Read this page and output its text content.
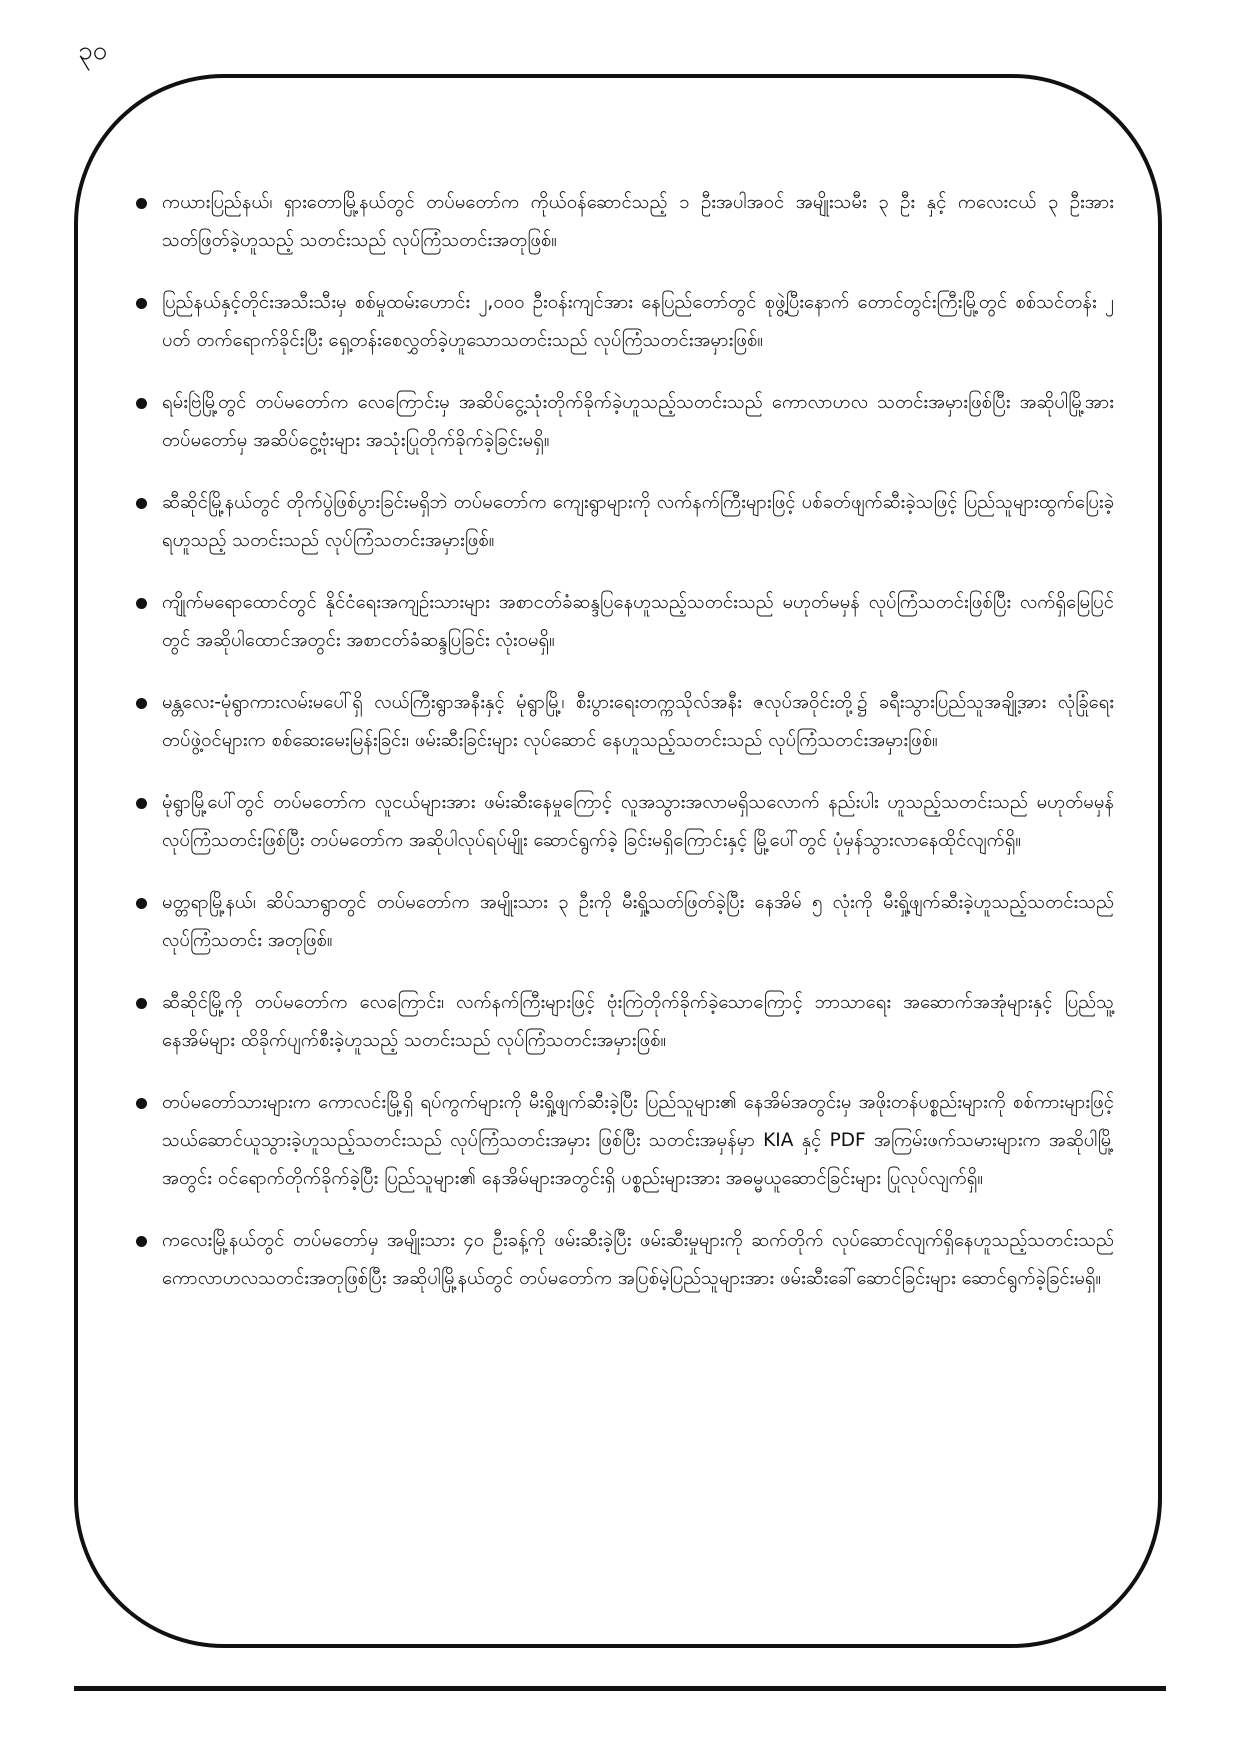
၃၀
ကယားပြည်နယ်၊ ရှားတောမြို့နယ်တွင် တပ်မတော်က ကိုယ်ဝန်ဆောင်သည့် ၁ ဦးအပါအဝင် အမျိုးသမီး ၃ ဦး နှင့် ကလေးငယ် ၃ ဦးအား သတ်ဖြတ်ခဲ့ဟူသည့် သတင်းသည် လုပ်ကြံသတင်းအတုဖြစ်။
ပြည်နယ်နှင့်တိုင်းအသီးသီးမှ စစ်မှုထမ်းဟောင်း ၂,၀၀၀ ဦးဝန်းကျင်အား နေပြည်တော်တွင် စုဖွဲ့ပြီးနောက် တောင်တွင်းကြီးမြို့တွင် စစ်သင်တန်း ၂ ပတ် တက်ရောက်ခိုင်းပြီး ရှေ့တန်းစေလွှတ်ခဲ့ဟူသောသတင်းသည် လုပ်ကြံသတင်းအမှားဖြစ်။
ရမ်းဗြဲမြို့တွင် တပ်မတော်က လေကြောင်းမှ အဆိပ်ငွေ့သုံးတိုက်ခိုက်ခဲ့ဟူသည့်သတင်းသည် ကောလာဟလ သတင်းအမှားဖြစ်ပြီး အဆိုပါမြို့အား တပ်မတော်မှ အဆိပ်ငွေ့ဗုံးများ အသုံးပြုတိုက်ခိုက်ခဲ့ခြင်းမရှိ။
ဆီဆိုင်မြို့နယ်တွင် တိုက်ပွဲဖြစ်ပွားခြင်းမရှိဘဲ တပ်မတော်က ကျေးရွာများကို လက်နက်ကြီးများဖြင့် ပစ်ခတ်ဖျက်ဆီးခဲ့သဖြင့် ပြည်သူများထွက်ပြေးခဲ့ရဟူသည့် သတင်းသည် လုပ်ကြံသတင်းအမှားဖြစ်။
ကျိုက်မရောထောင်တွင် နိုင်ငံရေးအကျဉ်းသားများ အစာငတ်ခံဆန္ဒပြနေဟူသည့်သတင်းသည် မဟုတ်မမှန် လုပ်ကြံသတင်းဖြစ်ပြီး လက်ရှိမြေပြင်တွင် အဆိုပါထောင်အတွင်း အစာငတ်ခံဆန္ဒပြခြင်း လုံးဝမရှိ။
မန္တလေး-မုံရွာကားလမ်းမပေါ်ရှိ လယ်ကြီးရွာအနီးနှင့် မုံရွာမြို့၊ စီးပွားရေးတက္ကသိုလ်အနီး ဇလုပ်အဝိုင်းတို့၌ ခရီးသွားပြည်သူအချို့အား လုံခြုံရေးတပ်ဖွဲ့ဝင်များက စစ်ဆေးမေးမြန်းခြင်း၊ ဖမ်းဆီးခြင်းများ လုပ်ဆောင် နေဟူသည့်သတင်းသည် လုပ်ကြံသတင်းအမှားဖြစ်။
မုံရွာမြို့ပေါ်တွင် တပ်မတော်က လူငယ်များအား ဖမ်းဆီးနေမှုကြောင့် လူအသွားအလာမရှိသလောက် နည်းပါး ဟူသည့်သတင်းသည် မဟုတ်မမှန်လုပ်ကြံသတင်းဖြစ်ပြီး တပ်မတော်က အဆိုပါလုပ်ရပ်မျိုး ဆောင်ရွက်ခဲ့ ခြင်းမရှိကြောင်းနှင့် မြို့ပေါ်တွင် ပုံမှန်သွားလာနေထိုင်လျက်ရှိ။
မတ္တရာမြို့နယ်၊ ဆိပ်သာရွာတွင် တပ်မတော်က အမျိုးသား ၃ ဦးကို မီးရှို့သတ်ဖြတ်ခဲ့ပြီး နေအိမ် ၅ လုံးကို မီးရှို့ဖျက်ဆီးခဲ့ဟူသည့်သတင်းသည် လုပ်ကြံသတင်း အတုဖြစ်။
ဆီဆိုင်မြို့ကို တပ်မတော်က လေကြောင်း၊ လက်နက်ကြီးများဖြင့် ဗုံးကြဲတိုက်ခိုက်ခဲ့သောကြောင့် ဘာသာရေး အဆောက်အအုံများနှင့် ပြည်သူ့နေအိမ်များ ထိခိုက်ပျက်စီးခဲ့ဟူသည့် သတင်းသည် လုပ်ကြံသတင်းအမှားဖြစ်။
တပ်မတော်သားများက ကောလင်းမြို့ရှိ ရပ်ကွက်များကို မီးရှို့ဖျက်ဆီးခဲ့ပြီး ပြည်သူများ၏ နေအိမ်အတွင်းမှ အဖိုးတန်ပစ္စည်းများကို စစ်ကားများဖြင့် သယ်ဆောင်ယူသွားခဲ့ဟူသည့်သတင်းသည် လုပ်ကြံသတင်းအမှား ဖြစ်ပြီး သတင်းအမှန်မှာ KIA နှင့် PDF အကြမ်းဖက်သမားများက အဆိုပါမြို့အတွင်း ဝင်ရောက်တိုက်ခိုက်ခဲ့ပြီး ပြည်သူများ၏ နေအိမ်များအတွင်းရှိ ပစ္စည်းများအား အဓမ္မယူဆောင်ခြင်းများ ပြုလုပ်လျက်ရှိ။
ကလေးမြို့နယ်တွင် တပ်မတော်မှ အမျိုးသား ၄၀ ဦးခန့်ကို ဖမ်းဆီးခဲ့ပြီး ဖမ်းဆီးမှုများကို ဆက်တိုက် လုပ်ဆောင်လျက်ရှိနေဟူသည့်သတင်းသည် ကောလာဟလသတင်းအတုဖြစ်ပြီး အဆိုပါမြို့နယ်တွင် တပ်မတော်က အပြစ်မဲ့ပြည်သူများအား ဖမ်းဆီးခေါ်ဆောင်ခြင်းများ ဆောင်ရွက်ခဲ့ခြင်းမရှိ။
